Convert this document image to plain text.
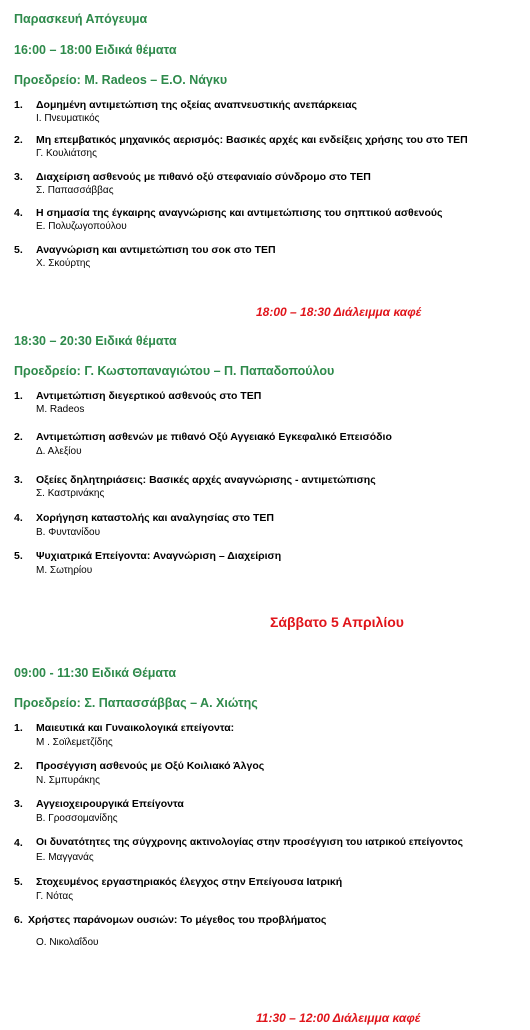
Παρασκευή Απόγευμα
16:00 – 18:00 Ειδικά θέματα
Προεδρείο: M. Radeos – Ε.Ο. Νάγκυ
1. Δομημένη αντιμετώπιση της οξείας αναπνευστικής ανεπάρκειας
Ι. Πνευματικός
2. Μη επεμβατικός μηχανικός αερισμός: Βασικές αρχές και ενδείξεις χρήσης του στο ΤΕΠ
Γ. Κουλιάτσης
3. Διαχείριση ασθενούς με πιθανό οξύ στεφανιαίο σύνδρομο στο ΤΕΠ
Σ. Παπασσάββας
4. Η σημασία της έγκαιρης αναγνώρισης και αντιμετώπισης του σηπτικού ασθενούς
Ε. Πολυζωγοπούλου
5. Αναγνώριση και αντιμετώπιση του σοκ στο ΤΕΠ
Χ. Σκούρτης
18:00 – 18:30 Διάλειμμα καφέ
18:30 – 20:30 Ειδικά θέματα
Προεδρείο: Γ. Κωστοπαναγιώτου – Π. Παπαδοπούλου
1. Αντιμετώπιση διεγερτικού ασθενούς στο ΤΕΠ
M. Radeos
2. Αντιμετώπιση ασθενών με πιθανό Οξύ Αγγειακό Εγκεφαλικό Επεισόδιο
Δ. Αλεξίου
3. Οξείες δηλητηριάσεις: Βασικές αρχές αναγνώρισης - αντιμετώπισης
Σ. Καστρινάκης
4. Χορήγηση καταστολής και αναλγησίας στο ΤΕΠ
Β. Φυντανίδου
5. Ψυχιατρικά Επείγοντα: Αναγνώριση – Διαχείριση
Μ. Σωτηρίου
Σάββατο 5 Απριλίου
09:00 - 11:30 Ειδικά Θέματα
Προεδρείο: Σ. Παπασσάββας – Α. Χιώτης
1. Μαιευτικά και Γυναικολογικά επείγοντα:
Μ . Σοϊλεμετζίδης
2. Προσέγγιση ασθενούς με Οξύ Κοιλιακό Άλγος
Ν. Σμπυράκης
3. Αγγειοχειρουργικά Επείγοντα
Β. Γροσσομανίδης
4. Οι δυνατότητες της σύγχρονης ακτινολογίας στην προσέγγιση του ιατρικού επείγοντος
Ε. Μαγγανάς
5. Στοχευμένος εργαστηριακός έλεγχος στην Επείγουσα Ιατρική
Γ. Νότας
6. Χρήστες παράνομων ουσιών: Το μέγεθος του προβλήματος
Ο. Νικολαΐδου
11:30 – 12:00 Διάλειμμα καφέ
